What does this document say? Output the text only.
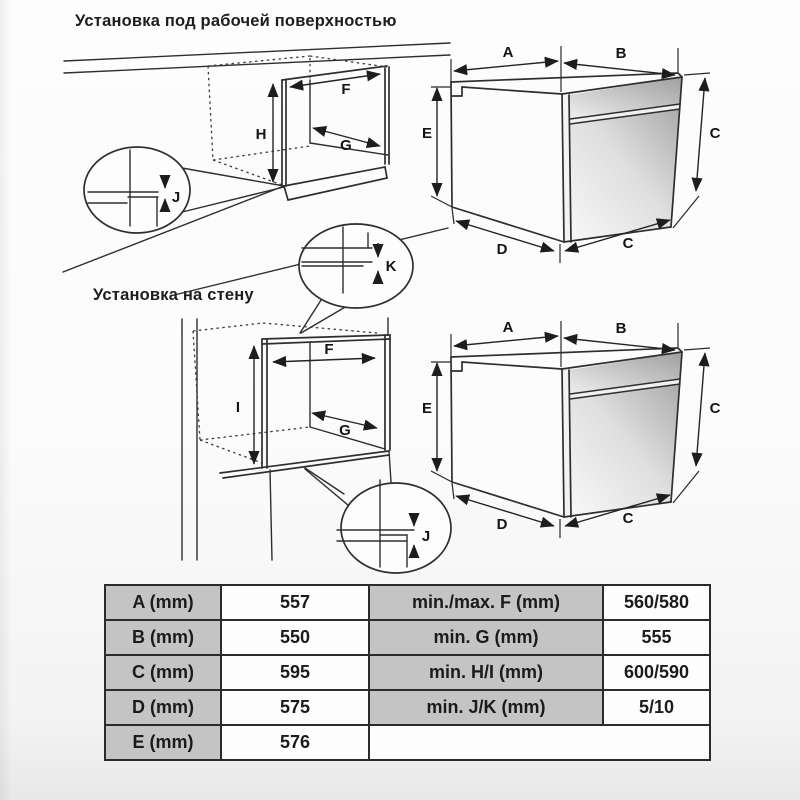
Установка под рабочей поверхностью
Установка на стену
H
F
G
J
A	B
E	C
D	C
K
I
F
G
J
A	B
E	C
D	C
A (mm)	557	min./max. F (mm)	560/580
B (mm)	550	min. G (mm)	555
C (mm)	595	min. H/I (mm)	600/590
D (mm)	575	min. J/K (mm)	5/10
E (mm)	576		
